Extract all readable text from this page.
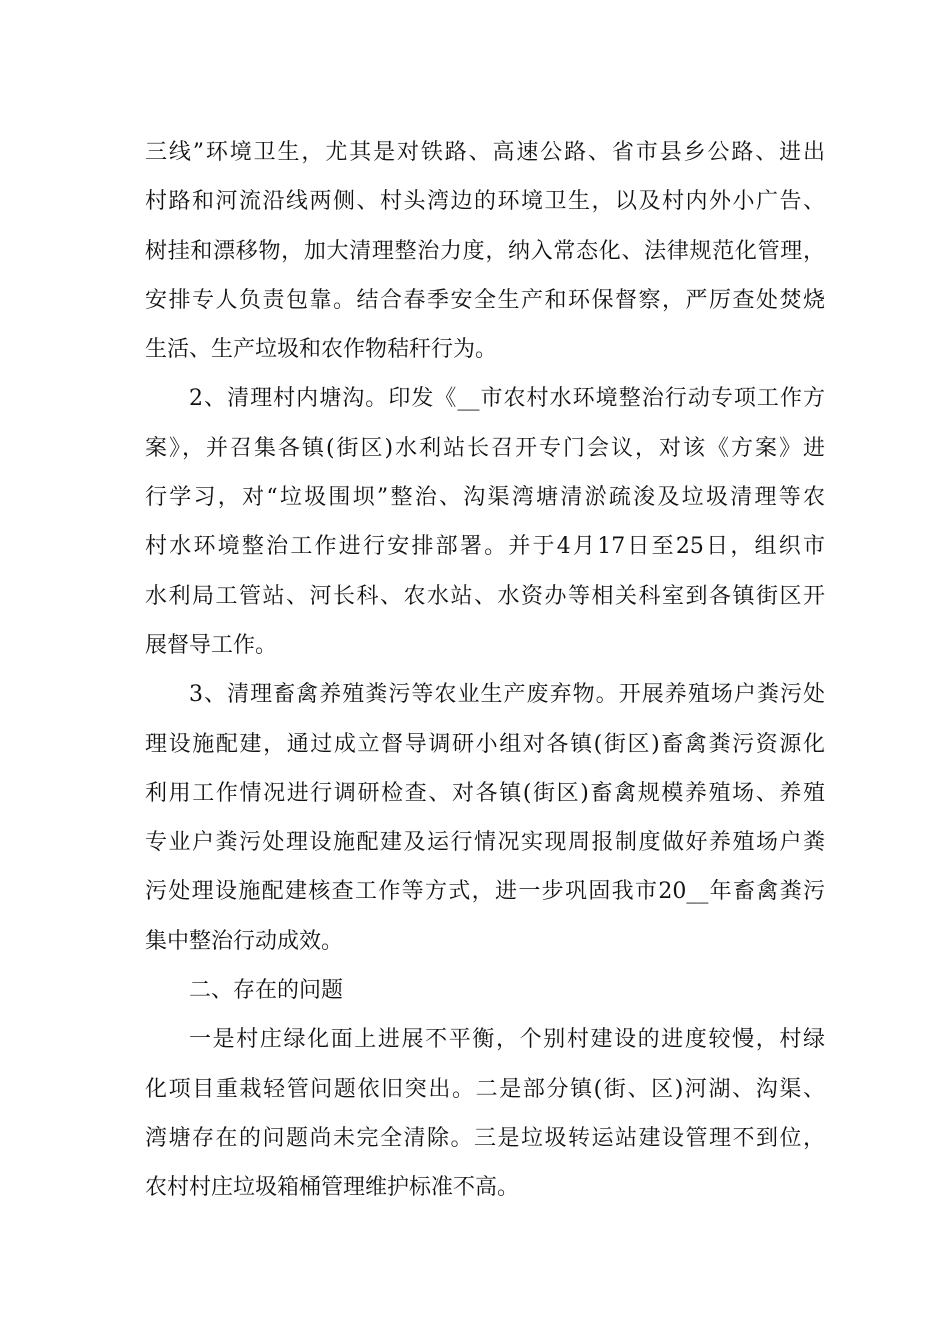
三线”环境卫生，尤其是对铁路、高速公路、省市县乡公路、进出
村路和河流沿线两侧、村头湾边的环境卫生，以及村内外小广告、
树挂和漂移物，加大清理整治力度，纳入常态化、法律规范化管理，
安排专人负责包靠。结合春季安全生产和环保督察，严厉查处焚烧
生活、生产垃圾和农作物秸秆行为。
2、清理村内塘沟。印发《__市农村水环境整治行动专项工作方
案》，并召集各镇(街区)水利站长召开专门会议，对该《方案》进
行学习，对“垃圾围坝”整治、沟渠湾塘清淤疏浚及垃圾清理等农
村水环境整治工作进行安排部署。并于4月17日至25日，组织市
水利局工管站、河长科、农水站、水资办等相关科室到各镇街区开
展督导工作。
3、清理畜禽养殖粪污等农业生产废弃物。开展养殖场户粪污处
理设施配建，通过成立督导调研小组对各镇(街区)畜禽粪污资源化
利用工作情况进行调研检查、对各镇(街区)畜禽规模养殖场、养殖
专业户粪污处理设施配建及运行情况实现周报制度做好养殖场户粪
污处理设施配建核查工作等方式，进一步巩固我市20__年畜禽粪污
集中整治行动成效。
二、存在的问题
一是村庄绿化面上进展不平衡，个别村建设的进度较慢，村绿
化项目重栽轻管问题依旧突出。二是部分镇(街、区)河湖、沟渠、
湾塘存在的问题尚未完全清除。三是垃圾转运站建设管理不到位，
农村村庄垃圾箱桶管理维护标准不高。
